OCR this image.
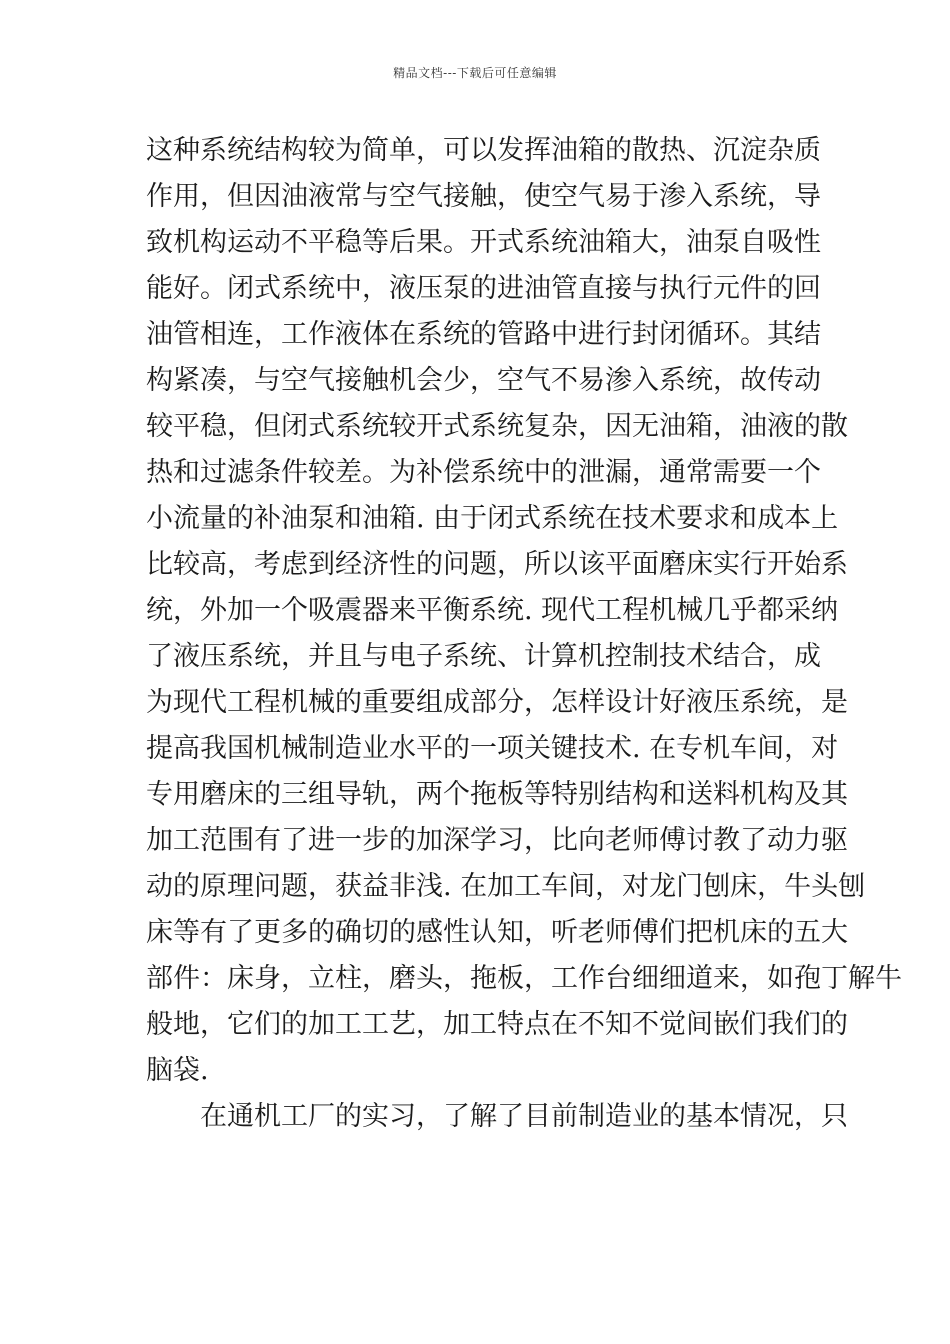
精品文档---下载后可任意编辑
这种系统结构较为简单，可以发挥油箱的散热、沉淀杂质
作用，但因油液常与空气接触，使空气易于渗入系统，导
致机构运动不平稳等后果。开式系统油箱大，油泵自吸性
能好。闭式系统中，液压泵的进油管直接与执行元件的回
油管相连，工作液体在系统的管路中进行封闭循环。其结
构紧凑，与空气接触机会少，空气不易渗入系统，故传动
较平稳，但闭式系统较开式系统复杂，因无油箱，油液的散
热和过滤条件较差。为补偿系统中的泄漏，通常需要一个
小流量的补油泵和油箱. 由于闭式系统在技术要求和成本上
比较高，考虑到经济性的问题，所以该平面磨床实行开始系
统，外加一个吸震器来平衡系统. 现代工程机械几乎都采纳
了液压系统，并且与电子系统、计算机控制技术结合，成
为现代工程机械的重要组成部分，怎样设计好液压系统，是
提高我国机械制造业水平的一项关键技术. 在专机车间，对
专用磨床的三组导轨，两个拖板等特别结构和送料机构及其
加工范围有了进一步的加深学习，比向老师傅讨教了动力驱
动的原理问题，获益非浅. 在加工车间，对龙门刨床，牛头刨
床等有了更多的确切的感性认知，听老师傅们把机床的五大
部件：床身，立柱，磨头，拖板，工作台细细道来，如孢丁解牛
般地，它们的加工工艺，加工特点在不知不觉间嵌们我们的
脑袋.
在通机工厂的实习，了解了目前制造业的基本情况，只
